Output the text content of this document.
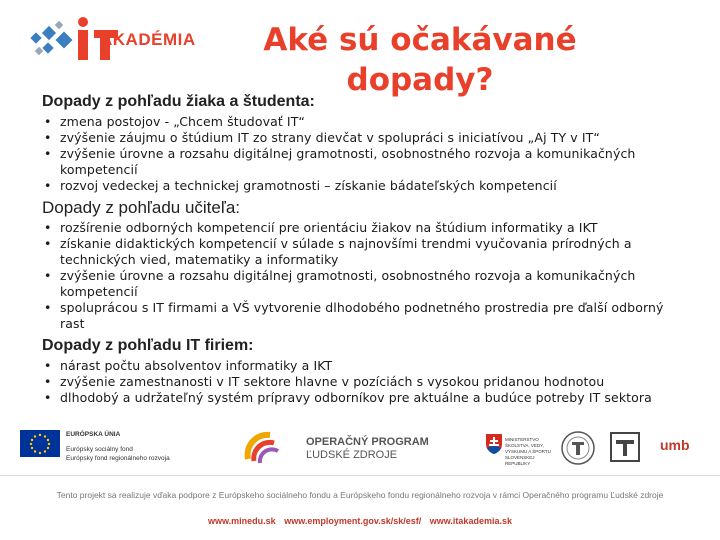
AKADÉMIA	Aké sú očakávané dopady?

Dopady z pohľadu žiaka a študenta:

• zmena postojov - „Chcem študovať IT“
• zvýšenie záujmu o štúdium IT zo strany dievčat v spolupráci s iniciatívou „Aj TY v IT“
• zvýšenie úrovne a rozsahu digitálnej gramotnosti, osobnostného rozvoja a komunikačných kompetencií
• rozvoj vedeckej a technickej gramotnosti – získanie bádateľských kompetencií

Dopady z pohľadu učiteľa:

• rozšírenie odborných kompetencií pre orientáciu žiakov na štúdium informatiky a IKT
• získanie didaktických kompetencií v súlade s najnovšími trendmi vyučovania prírodných a technických vied, matematiky a informatiky
• zvýšenie úrovne a rozsahu digitálnej gramotnosti, osobnostného rozvoja a komunikačných kompetencií
• spoluprácou s IT firmami a VŠ vytvorenie dlhodobého podnetného prostredia pre ďalší odborný rast

Dopady z pohľadu IT firiem:

• nárast počtu absolventov informatiky a IKT
• zvýšenie zamestnanosti v IT sektore hlavne v pozíciách s vysokou pridanou hodnotou
• dlhodobý a udržateľný systém prípravy odborníkov pre aktuálne a budúce potreby IT sektora
EURÓPSKA ÚNIA
Európsky sociálny fond
Európsky fond regionálneho rozvoja
OPERAČNÝ PROGRAM
ĽUDSKÉ ZDROJE
MINISTERSTVO ŠKOLSTVA, VEDY, VÝSKUMU A ŠPORTU SLOVENSKEJ REPUBLIKY
umb
Tento projekt sa realizuje vďaka podpore z Európskeho sociálneho fondu a Európskeho fondu regionálneho rozvoja v rámci Operačného programu Ľudské zdroje
www.minedu.sk www.employment.gov.sk/sk/esf/ www.itakademia.sk
